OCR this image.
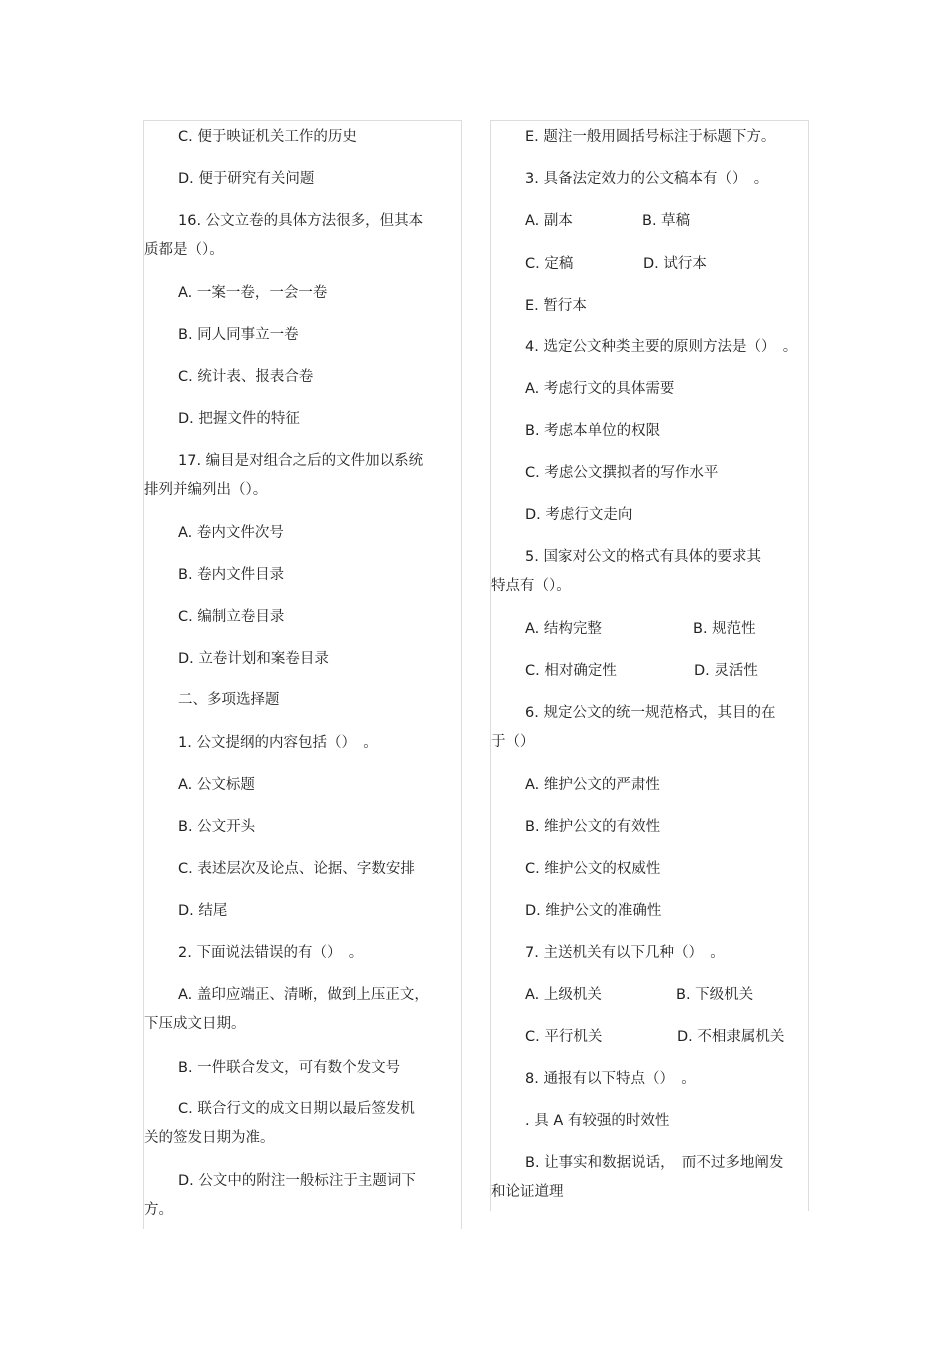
C. 便于映证机关工作的历史
D. 便于研究有关问题
16. 公文立卷的具体方法很多，但其本
质都是（）。
A. 一案一卷，一会一卷
B. 同人同事立一卷
C. 统计表、报表合卷
D. 把握文件的特征
17. 编目是对组合之后的文件加以系统
排列并编列出（）。
A. 卷内文件次号
B. 卷内文件目录
C. 编制立卷目录
D. 立卷计划和案卷目录
二、多项选择题
1. 公文提纲的内容包括（）　。
A. 公文标题
B. 公文开头
C. 表述层次及论点、论据、字数安排
D. 结尾
2. 下面说法错误的有（）　。
A. 盖印应端正、清晰，做到上压正文，
下压成文日期。
B. 一件联合发文，可有数个发文号
C. 联合行文的成文日期以最后签发机
关的签发日期为准。
D. 公文中的附注一般标注于主题词下
方。
E. 题注一般用圆括号标注于标题下方。
3. 具备法定效力的公文稿本有（）　。
A. 副本	B. 草稿
C. 定稿	D. 试行本
E. 暂行本
4. 选定公文种类主要的原则方法是（）　。
A. 考虑行文的具体需要
B. 考虑本单位的权限
C. 考虑公文撰拟者的写作水平
D. 考虑行文走向
5. 国家对公文的格式有具体的要求其
特点有（）。
A. 结构完整	B. 规范性
C. 相对确定性	D. 灵活性
6. 规定公文的统一规范格式，其目的在
于（）
A. 维护公文的严肃性
B. 维护公文的有效性
C. 维护公文的权威性
D. 维护公文的准确性
7. 主送机关有以下几种（）　。
A. 上级机关	B. 下级机关
C. 平行机关	D. 不相隶属机关
8. 通报有以下特点（）　。
. 具 A 有较强的时效性
B. 让事实和数据说话，　而不过多地阐发
和论证道理
